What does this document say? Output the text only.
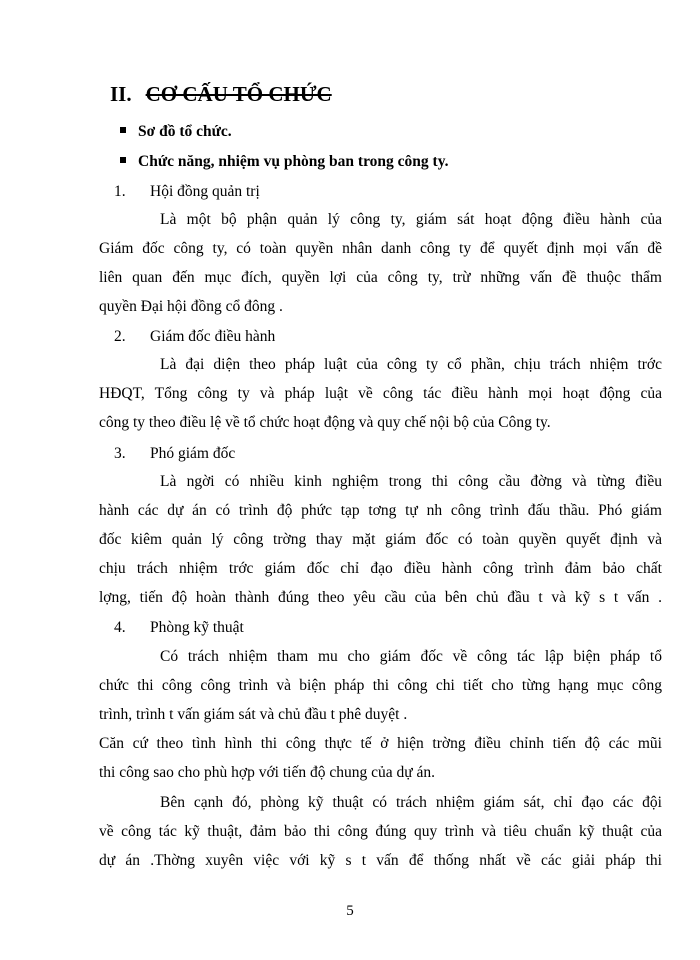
II. CƠ CẤU TỔ CHỨC
Sơ đồ tổ chức.
Chức năng, nhiệm vụ phòng ban trong công ty.
1. Hội đồng quản trị
Là một bộ phận quản lý công ty, giám sát hoạt động điều hành của
Giám đốc công ty, có toàn quyền nhân danh công ty để quyết định mọi vấn đề
liên quan đến mục đích, quyền lợi của công ty, trừ những vấn đề thuộc thẩm
quyền Đại hội đồng cổ đông .
2. Giám đốc điều hành
Là đại diện theo pháp luật của công ty cổ phần, chịu trách nhiệm trớc
HĐQT, Tổng công ty và pháp luật về công tác điều hành mọi hoạt động của
công ty theo điều lệ về tổ chức hoạt động và quy chế nội bộ của Công ty.
3. Phó giám đốc
Là ngời có nhiều kinh nghiệm trong thi công cầu đờng và từng điều
hành các dự án có trình độ phức tạp tơng tự nh công trình đấu thầu. Phó giám
đốc kiêm quản lý công trờng thay mặt giám đốc có toàn quyền quyết định và
chịu trách nhiệm trớc giám đốc chỉ đạo điều hành công trình đảm bảo chất
lợng, tiến độ hoàn thành đúng theo yêu cầu của bên chủ đầu t và kỹ s t vấn .
4. Phòng kỹ thuật
Có trách nhiệm tham mu cho giám đốc về công tác lập biện pháp tổ
chức thi công công trình và biện pháp thi công chi tiết cho từng hạng mục công
trình, trình t vấn giám sát và chủ đầu t phê duyệt .
Căn cứ theo tình hình thi công thực tế ở hiện trờng điều chỉnh tiến độ các mũi
thi công sao cho phù hợp với tiến độ chung của dự án.
Bên cạnh đó, phòng kỹ thuật có trách nhiệm giám sát, chỉ đạo các đội
về công tác kỹ thuật, đảm bảo thi công đúng quy trình và tiêu chuẩn kỹ thuật của
dự án .Thờng xuyên việc với kỹ s t vấn để thống nhất về các giải pháp thi
5
